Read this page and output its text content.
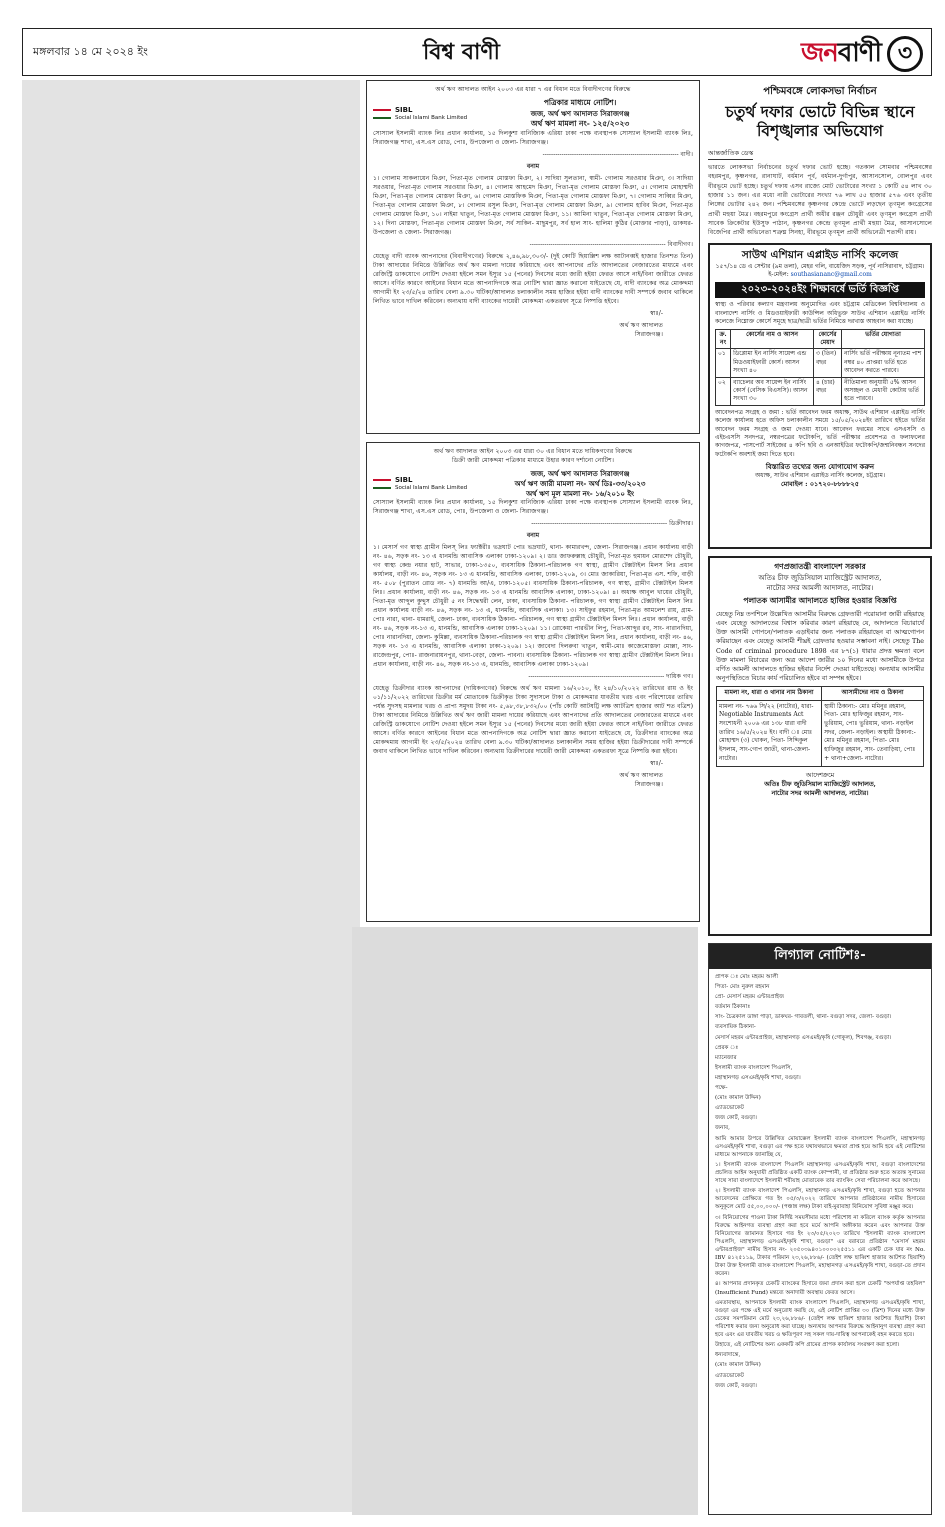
মঙ্গলবার ১৪ মে ২০২৪ ইং	বিশ্ব বাণী	জন বাণী ৩

অর্থ ঋণ আদালত আইন ২০০৩ এর ধারা ৭ এর বিধান মতে বিবাদীগণের বিরুদ্ধে

SIBL
Social Islami Bank Limited
পত্রিকার মাধ্যমে নোটিশ।
জজ, অর্থ ঋণ আদালত সিরাজগঞ্জ
অর্থ ঋণ মামলা নং- ১২৫/২০২৩

সোস্যাল ইসলামী ব্যাংক লিঃ প্রধান কার্যালয়, ১৫ দিলকুশা বানিজ্যিক এরিয়া ঢাকা পক্ষে ব্যবস্থাপক সোস্যাল ইসলামী ব্যাংক লিঃ, সিরাজগঞ্জ শাখা, এস.এস রোড, পোঃ, উপজেলা ও জেলা- সিরাজগঞ্জ।

----------------------------------------------------------------- বাদী।

বনাম

১। গোলাম সাকলায়েন মিঞা, পিতা-মৃত গোলাম মোস্তফা মিঞা, ২। সাদিয়া সুলতানা, স্বামী- গোলাম সরওয়ার মিঞা, ৩। সাদিয়া সরওয়ার, পিতা-মৃত গোলাম সরওয়ার মিঞা, ৪। গোলাম আহমেদ মিঞা, পিতা-মৃত গোলাম মোস্তফা মিঞা, ৫। গোলাম মোহাম্মদী মিঞা, পিতা-মৃত গোলাম মোস্তফা মিঞা, ৬। গোলাম মোস্তফিক মিঞা, পিতা-মৃত গোলাম মোস্তফা মিঞা, ৭। গোলাম সাব্বির মিঞা, পিতা-মৃত গোলাম মোস্তফা মিঞা, ৮। গোলাম রসুল মিঞা, পিতা-মৃত গোলাম মোস্তফা মিঞা, ৯। গোলাম হাবিব মিঞা, পিতা-মৃত গোলাম মোস্তফা মিঞা, ১০। নাইমা খাতুন, পিতা-মৃত গোলাম মোস্তফা মিঞা, ১১। আমিনা খাতুন, পিতা-মৃত গোলাম মোস্তফা মিঞা, ১২। দিনা মোস্তফা, পিতা-মৃত গোলাম মোস্তফা মিঞা, সর্ব সাকিন- মাছুমপুর, সর্ব হাল সাং- হালিমা কুঠির (মোক্তার পাড়া), ডাকঘর- উপজেলা ও জেলা- সিরাজগঞ্জ।

----------------------------------------------------------------- বিবাদীগণ।

যেহেতু বাদী ব্যাংক আপনাদের (বিবাদীগণের) বিরুদ্ধে ২,৪৬,৯৮,৩০৩/- (দুই কোটি ছিয়াল্লিশ লক্ষ আটানব্বই হাজার তিনশত তিন) টাকা আদায়ের নিমিত্তে উল্লিখিত অর্থ ঋণ মামলা দায়ের করিয়াছে এবং আপনাদের প্রতি আদালতের নেজারতের মাধ্যমে এবং রেজিস্ট্রি ডাকযোগে নোটিশ দেওয়া হইলে সমন ইস্যুর ১৫ (পনের) দিবসের মধ্যে জারী হইয়া ফেরত আসে নাই/বিনা জারীতে ফেরত আসে। বর্ণিত কারণে আইনের বিধান মতে আপনাদিগকে অত্র নোটিশ দ্বারা জ্ঞাত করানো যাইতেছে যে, বাদী ব্যাংকের অত্র মোকদ্দমা আগামী ইং ২৩/৫/২৪ তারিখ বেলা ৯.৩০ ঘটিকা/আদালত চলাকালীন সময় হাজির হইয়া বাদী ব্যাংকের দাবী সম্পর্কে জবাব থাকিলে লিখিত ভাবে দাখিল করিবেন। অন্যথায় বাদী ব্যাংকের দায়েরী মোকদ্দমা একতরফা সূত্রে নিষ্পত্তি হইবে।

স্বাঃ/-

অর্থ ঋণ আদালত

সিরাজগঞ্জ।

অর্থ ঋণ আদালত আইন ২০০৩ এর ধারা ৩০ এর বিধান মতে দায়িকগণের বিরুদ্ধে

ডিক্রী জারী মোকদ্দমা পত্রিকার মাধ্যমে উহার কারণ দর্শানো নোটিশ।

SIBL
Social Islami Bank Limited
জজ, অর্থ ঋণ আদালত সিরাজগঞ্জ
অর্থ ঋণ জারী মামলা নং- অর্থ ডিঃ-৩৩/২০২৩
অর্থ ঋণ মূল মামলা নং- ১৬/২০১০ ইং

সোস্যাল ইসলামী ব্যাংক লিঃ প্রধান কার্যালয়, ১৫ দিলকুশা বানিজ্যিক এরিয়া ঢাকা পক্ষে ব্যবস্থাপক সোস্যাল ইসলামী ব্যাংক লিঃ, সিরাজগঞ্জ শাখা, এস.এস রোড, পোঃ, উপজেলা ও জেলা- সিরাজগঞ্জ।

----------------------------------------------------------------- ডিক্রীদার।

বনাম

১। মেসার্স গণ স্বাস্থ্য গ্রামীন মিলস্ লিঃ ফ্যাক্টরীঃ ভদ্রঘাট পোঃ ভদ্রঘাট, থানা- কামারখন্দ, জেলা- সিরাজগঞ্জ। প্রধান কার্যালয় বাড়ী নং- ৪৬, সড়ক নং- ১৩ এ ধানমন্ডি আবাসিক এলাকা ঢাকা-১২০৯। ২। ডাঃ জাফরুল্লাহ চৌধুরী, পিতা-মৃত হুমায়ন মোরশেদ চৌধুরী, গণ স্বাস্থ্য কেন্দ্র নয়ার হাট, সাভার, ঢাকা-১৩৫০, ব্যবসায়িক ঠিকানা-পরিচালক গণ স্বাস্থ্য, গ্রামীণ টেক্সটাইল মিলস লিঃ প্রধান কার্যালয়, বাড়ী নং- ৪৬, সড়ক নং- ১৩ এ ধানমন্ডি, আবাসিক এলাকা, ঢাকা-১২০৯, ৩। মোঃ জাকারিয়া, পিতা-মৃত এস. শফি, বাড়ী নং- ৫০৮ (পুরাতন রোড নং- ৭) ধানমন্ডি আ/এ, ঢাকা-১২০৫। ব্যবসায়িক ঠিকানা-পরিচালক, গণ স্বাস্থ্য, গ্রামীণ টেক্সটাইল মিলস লিঃ। প্রধান কার্যালয়, বাড়ী নং- ৪৬, সড়ক নং- ১৩ এ ধানমন্ডি আবাসিক এলাকা, ঢাকা-১২০৯। ৪। অধ্যক্ষ আবুল খায়ের চৌধুরী, পিতা-মৃত আব্দুল কুদ্দুস চৌধুরী ৫ নং সিদ্ধেশ্বরী লেন, ঢাকা, ব্যবসায়িক ঠিকানা- পরিচালক, গণ স্বাস্থ্য গ্রামীণ টেক্সটাইল মিলস লিঃ প্রধান কার্যালয় বাড়ী নং- ৪৬, সড়ক নং- ১৩ এ, ধানমন্ডি, আবাসিক এলাকা। ১৩। সাইফুর রহমান, পিতা-মৃত আমলেশ রায়, গ্রাম- পোঃ নারা, থানা- ধামরাই, জেলা- ঢাকা, ব্যবসায়িক ঠিকানা- পরিচালক, গণ স্বাস্থ্য গ্রামীণ টেক্সটাইল মিলস লিঃ। প্রধান কার্যালয়, বাড়ী নং- ৪৬, সড়ক নং-১৩ এ, ধানমন্ডি, আবাসিক এলাকা ঢাকা-১২০৯। ১১। রোকেয়া পারভীন লিপু, পিতা-আব্দুর রব, সাং- নারানদিয়া, পোঃ নারানদিয়া, জেলা- কুমিল্লা, ব্যবসায়িক ঠিকানা-পরিচালক গণ স্বাস্থ্য গ্রামীণ টেক্সটাইল মিলস লিঃ, প্রধান কার্যালয়, বাড়ী নং- ৪৬, সড়ক নং- ১৩ এ ধানমন্ডি, আবাসিক এলাকা ঢাকা-১২০৯। ১২। জাবেদা দিলরুবা খাতুন, স্বামী-মোঃ কাজেমোস্তফা মোল্লা, সাং- রাজেন্দ্রপুর, পোঃ- রাজনারায়নপুর, থানা-বেড়া, জেলা- পাবনা। ব্যবসায়িক ঠিকানা- পরিচালক গণ স্বাস্থ্য গ্রামীণ টেক্সটাইল মিলস লিঃ। প্রধান কার্যালয়, বাড়ী নং- ৪৬, সড়ক নং-১৩ এ, ধানমন্ডি, আবাসিক এলাকা ঢাকা-১২০৯।

----------------------------------------------------------------- দায়িক গণ।

যেহেতু ডিক্রীদার ব্যাংক আপনাদের (দায়িকগণের) বিরুদ্ধে অর্থ ঋণ মামলা ১৬/২০১০, ইং ২৪/১০/২০২২ তারিখের রায় ও ইং ০১/১১/২০২২ তারিখের ডিক্রীর মর্ম মোতাবেক ডিক্রীকৃত টাকা সুদাসলে টাকা ও মোকদ্দমার যাবতীয় খরচ এবং পরিশোধের তারিখ পর্যন্ত সুদসহ মামলার খরচ ও প্রাপ্য সমুদয় টাকা নং- ৫,৬৮,৩৮,৮৩২/০০ (পাঁচ কোটি আটষট্টি লক্ষ আটত্রিশ হাজার আট শত বত্রিশ) টাকা আদায়ের নিমিত্তে উল্লিখিত অর্থ ঋণ জারী মামলা দায়ের করিয়াছে এবং আপনাদের প্রতি আদালতের নেজারতের মাধ্যমে এবং রেজিস্ট্রি ডাকযোগে নোটিশ দেওয়া হইলে সমন ইস্যুর ১৫ (পনের) দিবসের মধ্যে জারী হইয়া ফেরত আসে নাই/বিনা জারীতে ফেরত আসে। বর্ণিত কারণে আইনের বিধান মতে আপনাদিগকে অত্র নোটিশ দ্বারা জ্ঞাত করানো যাইতেছে যে, ডিক্রীদার ব্যাংকের অত্র মোকদ্দমায় আগামী ইং ২৩/৫/২০২৪ তারিখ বেলা ৯.৩০ ঘটিকা/আদালত চলাকালীন সময় হাজির হইয়া ডিক্রীদারের দাবী সম্পর্কে জবাব থাকিলে লিখিত ভাবে দাখিল করিবেন। অন্যথায় ডিক্রীদারের দায়েরী জারী মোকদ্দমা একতরফা সূত্রে নিষ্পত্তি করা হইবে।

স্বাঃ/-

অর্থ ঋণ আদালত

সিরাজগঞ্জ।

পশ্চিমবঙ্গে লোকসভা নির্বাচন
চতুর্থ দফার ভোটে বিভিন্ন স্থানে বিশৃঙ্খলার অভিযোগ
আন্তর্জাতিক ডেস্ক
ভারতে লোকসভা নির্বাচনের চতুর্থ দফার ভোট হচ্ছে। গতকাল সোমবার পশ্চিমবঙ্গের বহরমপুর, কৃষ্ণনগর, রানাঘাট, বর্ধমান পূর্ব, বর্ধমান-দুর্গাপুর, আসানসোল, বোলপুর এবং বীরভূমে ভোট হচ্ছে। চতুর্থ দফায় এসব রাজ্যে মোট ভোটারের সংখ্যা ১ কোটি ৫৪ লাখ ৩০ হাজার ১১ জন। এর মধ্যে নারী ভোটারের সংখ্যা ৭৬ লাখ ৫৫ হাজার ৫৭৬ এবং তৃতীয় লিঙ্গের ভোটার ২৪২ জন। পশ্চিমবঙ্গের কৃষ্ণনগর কেন্দ্রে ভোটে লড়ছেন তৃণমূল কংগ্রেসের প্রার্থী মহুয়া মৈত্র। বহরমপুরে কংগ্রেস প্রার্থী অধীর রঞ্জন চৌধুরী এবং তৃণমূল কংগ্রেস প্রার্থী সাবেক ক্রিকেটার ইউসুফ পাঠান, কৃষ্ণনগর কেন্দ্রে তৃণমূল প্রার্থী মহুয়া মৈত্র, আসানসোলে বিজেপির প্রার্থী অভিনেতা শত্রুঘ্ন সিনহা, বীরভূমে তৃণমূল প্রার্থী অভিনেত্রী শতাব্দী রায়।
সাউথ এশিয়ান এপ্লাইড নার্সিং কলেজ
১৫৭/১৪ ডে এ সেন্টার (৯ম তলা), মেহর গলি, বায়েজিদ সড়ক, পূর্ব নাসিরাবাদ, চট্টগ্রাম।
ই-মেইল: southasiananc@gmail.com
২০২৩-২০২৪ইং শিক্ষাবর্ষে ভর্তি বিজ্ঞপ্তি
স্বাস্থ্য ও পরিবার কল্যাণ মন্ত্রণালয় অনুমোদিত এবং চট্টগ্রাম মেডিকেল বিশ্ববিদ্যালয় ও বাংলাদেশ নার্সিং ও মিডওয়াইফারী কাউন্সিল অধিভুক্ত সাউথ এশিয়ান এপ্লাইড নার্সিং কলেজে নিম্নোক্ত কোর্সে সমূহে ছাত্র/ছাত্রী ভর্তির নিমিত্তে দরখাস্ত আহবান করা যাচ্ছে।
ক্র. নং	কোর্সের নাম ও আসন	কোর্সের মেয়াদ	ভর্তির যোগ্যতা
০১	ডিপ্লোমা ইন নার্সিং সায়েন্স এন্ড মিডওয়াইফারী কোর্স। আসন সংখ্যা ৪০	৩ (তিন) বছর	নার্সিং ভর্তি পরীক্ষায় নূন্যতম পাশ নম্বর ৪০ প্রাপ্তরা ভর্তি হতে আবেদন করতে পারবে।
০২	ব্যাচেলর অব সায়েন্স ইন নার্সিং কোর্স (বেসিক বিএসসি)। আসন সংখ্যা ৩০	৪ (চার) বছর	নীতিমালা অনুযায়ী ৫% আসন অসচ্ছল ও মেধাবী কোটায় ভর্তি হতে পারবে।
আবেদনপত্র সংগ্রহ ও জমা : ভর্তি আবেদন ফরম অধ্যক্ষ, সাউথ এশিয়ান এপ্লাইড নার্সিং কলেজ কার্যালয় হতে অফিস চলাকালীন সময়ে ১৫/০৫/২০২৪ইং তারিখে হইতে ভর্তির আবেদন ফরম সংগ্রহ ও জমা দেওয়া যাবে। আবেদন ফরমের সাথে এসএসসি ও এইচএসসি সনদপত্র, নম্বরপত্রের ফটোকপি, ভর্তি পরীক্ষার প্রবেশপত্র ও ফলাফলের কাগজপত্র, পাসপোর্ট সাইজের ৪ কপি ছবি ও এনআইডির ফটোকপি/জন্মনিবন্ধন সনদের ফটোকপি অবশ্যই জমা দিতে হবে।
বিস্তারিত তথ্যের জন্য যোগাযোগ করুন
অধ্যক্ষ, সাউথ এশিয়ান এপ্লাইড নার্সিং কলেজ, চট্টগ্রাম।
মোবাইল : ০১৭২০-৮৮৮৮২৫
গণপ্রজাতন্ত্রী বাংলাদেশ সরকার
অতিঃ চীফ জুডিসিয়াল ম্যাজিস্ট্রেট আদালত,
নাটোর সদর আমলী আদালত, নাটোর।
পলাতক আসামীর আদালতে হাজির হওয়ার বিজ্ঞপ্তি
যেহেতু নিম্ন তপশিলে উল্লেখিত আসামীর বিরুদ্ধে গ্রেফতারী পরোয়ানা জারী রহিয়াছে এবং যেহেতু আদালতের বিশ্বাস করিবার কারণ রহিয়াছে যে, আদালতে বিচারার্থে উক্ত আসামী গোপনে/পলাতক এড়াইবার জন্য পলাতক রহিয়াছেন বা আত্মগোপন করিয়াছেন এবং যেহেতু আসামী শীঘ্রই গ্রেফতার হওয়ার সম্ভাবনা নাই। সেহেতু The Code of criminal procedure 1898 এর ৮৭(১) ধারার প্রদত্ত ক্ষমতা বলে উক্ত মামলা বিচারের জন্য অত্র আদেশ জারীর ১০ দিনের মধ্যে আসামীকে উপরে বর্ণিত আমলী আদালতে হাজির হইবার নির্দেশ দেওয়া যাইতেছে। অন্যথায় আসামীর অনুপস্থিতিতে বিচার কার্য পরিচালিত হইবে বা সম্পন্ন হইবে।
মামলা নং, ধারা ও থানার নাম ঠিকানা	আসামীদের নাম ও ঠিকানা
মামলা নং- ৭৬৬ সি/২২ (নাটোর), ধারা- Negotiable Instruments Act সংশোধনী ২০০৬ এর ১৩৮ ধারা বাদী তারিখ ১৬/৫/২০২৪ ইং। বাদী ঃ মোঃ মোহাম্মদ (৩) খোকন, পিতা- সিদ্দিকুল ইসলাম, সাং-গোপ জাতী, থানা-জেলা- নাটোর।	স্থায়ী ঠিকানা:- মোঃ মমিনুর রহমান, পিতা- মোঃ হাফিজুর রহমান, সাং- ভুরিয়াম, পোঃ ভুরিয়াম, থানা- নড়াইল সদর, জেলা- নড়াইল। অস্থায়ী ঠিকানা:- মোঃ মমিনুর রহমান, পিতা- মোঃ হাফিজুর রহমান, সাং- তেবাড়িয়া, পোঃ + থানা+জেলা- নাটোর।
আদেশক্রমে
অতিঃ চীফ জুডিসিয়াল ম্যাজিস্ট্রেট আদালত,
নাটোর সদর আমলী আদালত, নাটোর।
লিগ্যাল নোটিশঃ-

প্রাপক ঃ মোঃ মহরম আলী

পিতা- মোঃ নুরুল রহমান

প্রো- মেসার্স মহরম এন্টারপ্রাইজ

বর্তমান ঠিকানাঃ

সাং- চৈত্রকাল ডাঙ্গা পাড়া, ডাকঘর- গাবতলী, থানা- বগুড়া সদর, জেলা- বগুড়া।

ব্যবসায়িক ঠিকানা-

মেসার্স মহরম এন্টারপ্রাইজ, মহাস্থানগড় এসএমই/কৃষি (গোকুল), শিবগঞ্জ, বগুড়া।

প্রেরক ঃ

ম্যানেজার

ইসলামী ব্যাংক বাংলাদেশ পিএলসি,

মহাস্থানগড় এসএমই/কৃষি শাখা, বগুড়া।

পক্ষে-

(মোঃ কামাল উদ্দিন)

এ্যাডভোকেট

জজ কোর্ট, বগুড়া।

জনাব,

আমি আমার উপরে উল্লিখিত মোয়াক্কেল ইসলামী ব্যাংক বাংলাদেশ পিএলসি, মহাস্থানগড় এসএমই/কৃষি শাখা, বগুড়া এর পক্ষ হতে যথাযথভাবে ক্ষমতা প্রাপ্ত হয়ে আমি হয়ে এই নোটিশের মাধ্যমে আপনাকে জানাচ্ছি যে,

১। ইসলামী ব্যাংক বাংলাদেশ পিএলসি মহাস্থানগড় এসএমই/কৃষি শাখা, বগুড়া বাংলাদেশের প্রচলিত আইন অনুযায়ী প্রতিষ্ঠিত একটি ব্যাংক কোম্পানী, যা প্রতিষ্ঠার শুরু হতে অত্যন্ত সুনামের সাথে সারা বাংলাদেশে ইসলামী শরীয়াহ মোতাবেক তার ব্যাংকিং সেবা পরিচালনা করে আসছে।

২। ইসলামী ব্যাংক বাংলাদেশ পিএলসি, মহাস্থানগড় এসএমই/কৃষি শাখা, বগুড়া হতে আপনার আবেদনের প্রেক্ষিতে গত ইং ০৫/৩/২০২২ তারিখে আপনার প্রতিষ্ঠানের নামীয় হিসাবের অনুকূলে মোট ৫৫,০০,০০০/- (পঞ্চান্ন লক্ষ) টাকা বাই-মুরাবাহা বিনিয়োগ সুবিধা মঞ্জুর করে।

৩। বিনিয়োগের পাওনা টাকা নির্দিষ্ট সময়সীমার মধ্যে পরিশোধ না করিলে ব্যাংক কর্তৃক আপনার বিরুদ্ধে আইনগত ব্যবস্থা গ্রহণ করা হবে মর্মে আপনি অঙ্গীকার করেন এবং আপনার উক্ত বিনিয়োগের জামানত হিসাবে গত ইং ২৩/০৫/২০২৩ তারিখে "ইসলামী ব্যাংক বাংলাদেশ পিএলসি, মহাস্থানগড় এসএমই/কৃষি শাখা, বগুড়া" এর বরাবরে প্রতিষ্ঠান "মেসার্স মহরম এন্টারপ্রাইজ" নামীয় হিসাব নং- ২০৫০৩৯৪০১০০০০২৫৫১১ এর একটি চেক যার নং No. IBV ৪১২৫১১৯, টাকার পরিমান ২৩,২৬,৮৮৬/- (তেইশ লক্ষ ছাব্বিশ হাজার আটশত ছিয়াশি) টাকা উক্ত ইসলামী ব্যাংক বাংলাদেশ পিএলসি, মহাস্থানগড় এসএমই/কৃষি শাখা, বগুড়া-তে প্রদান করেন।

৪। আপনার প্রদানকৃত চেকটি ব্যাংকের হিসাবে জমা প্রদান করা হলে চেকটি "অপর্যাপ্ত তহবিল" (Insufficient Fund) মন্তব্যে অনাদায়ী অবস্থায় ফেরত আসে।

এমতাবস্থায়, আপনাকে ইসলামী ব্যাংক বাংলাদেশ পিএলসি, মহাস্থানগড় এসএমই/কৃষি শাখা, বগুড়া এর পক্ষে এই মর্মে অনুরোধ করছি যে, এই নোটিশ প্রাপ্তির ৩০ (ত্রিশ) দিনের মধ্যে উক্ত চেকের সমপরিমান মোট ২৩,২৬,৮৮৬/- (তেইশ লক্ষ ছাব্বিশ হাজার আটশত ছিয়াশি) টাকা পরিশোধ করার জন্য অনুরোধ করা যাচ্ছে। অন্যথায় আপনার বিরুদ্ধে আইনানুগ ব্যবস্থা গ্রহণ করা হবে এবং এর যাবতীয় খরচ ও ক্ষতিপূরণ সহ সকল দায়-দায়িত্ব আপনাকেই বহন করতে হবে।

উহাতে, এই নোটিশের অন্য এককটি কপি গ্রামের প্রাপক কার্যালয় সংরক্ষণ করা হলো।

ধন্যবাদান্তে,

(মোঃ কামাল উদ্দিন)

এ্যাডভোকেট

জজ কোর্ট, বগুড়া।
